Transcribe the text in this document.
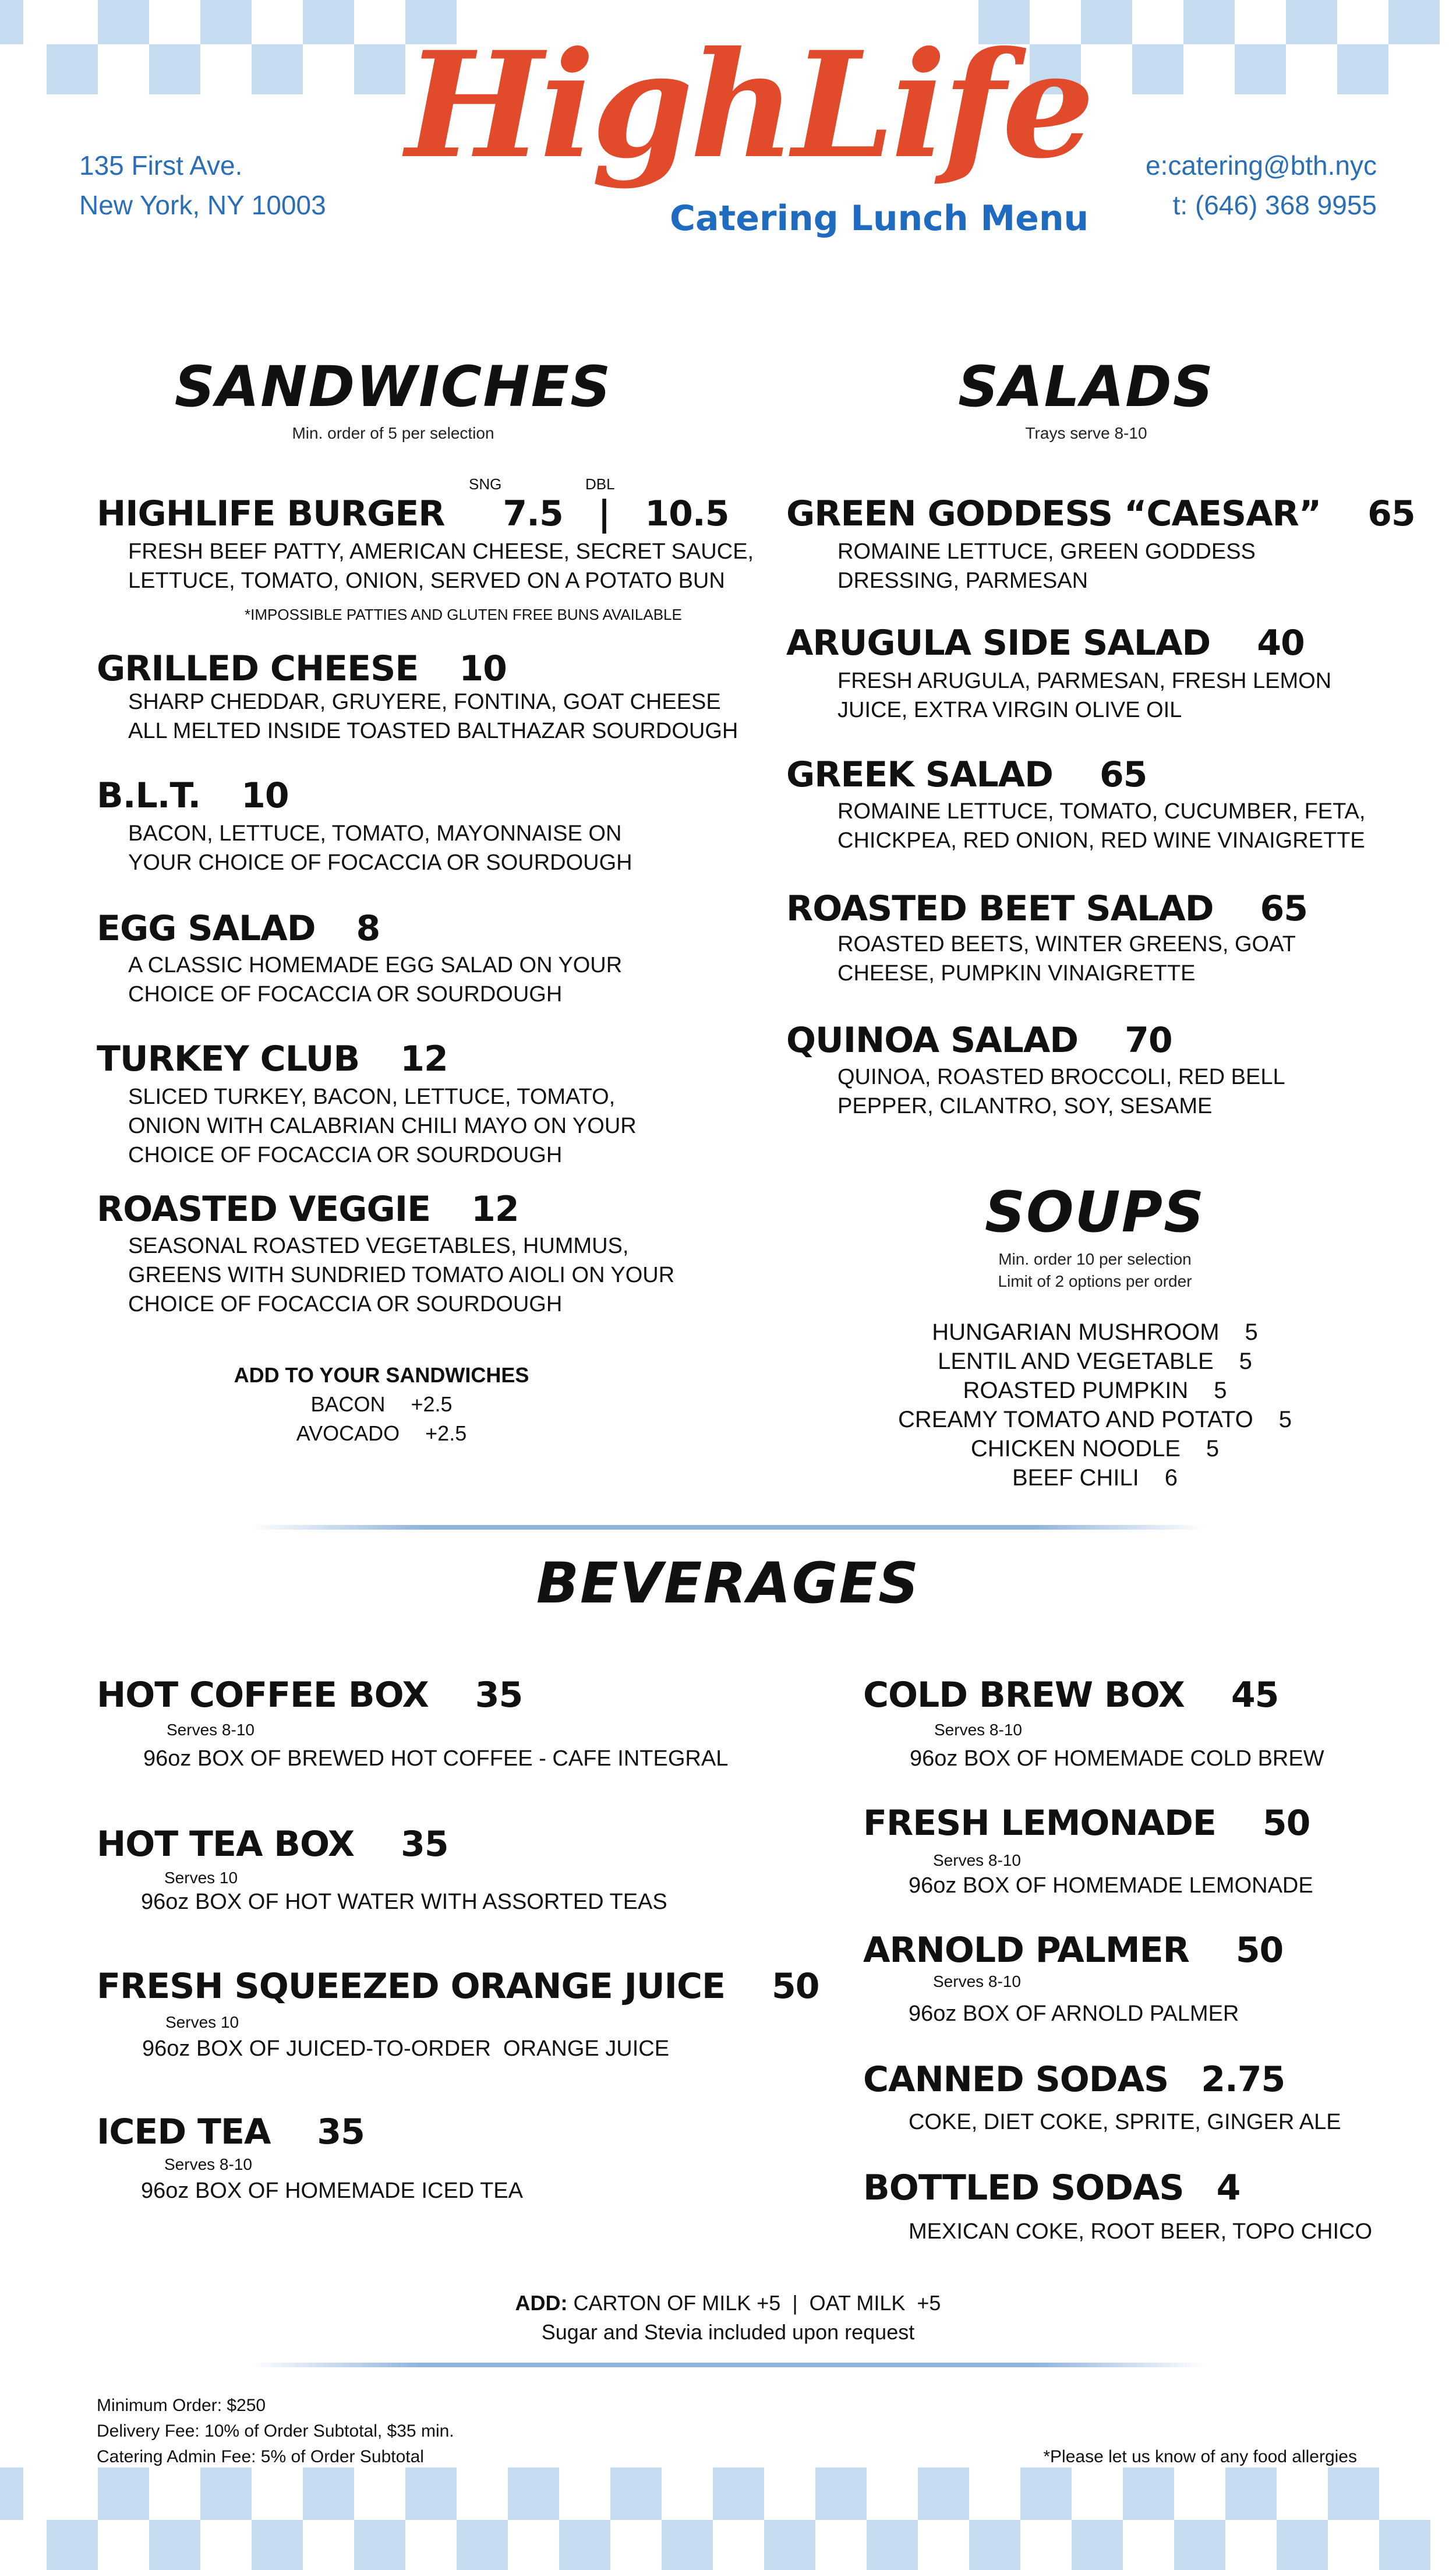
135 First Ave.
New York, NY 10003
HighLife
Catering Lunch Menu
e:catering@bth.nyc
t: (646) 368 9955
SANDWICHES
Min. order of 5 per selection
SNG	DBL
HIGHLIFE BURGER 7.5 | 10.5
FRESH BEEF PATTY, AMERICAN CHEESE, SECRET SAUCE, LETTUCE, TOMATO, ONION, SERVED ON A POTATO BUN
*IMPOSSIBLE PATTIES AND GLUTEN FREE BUNS AVAILABLE
GRILLED CHEESE 10
SHARP CHEDDAR, GRUYERE, FONTINA, GOAT CHEESE ALL MELTED INSIDE TOASTED BALTHAZAR SOURDOUGH
B.L.T. 10
BACON, LETTUCE, TOMATO, MAYONNAISE ON YOUR CHOICE OF FOCACCIA OR SOURDOUGH
EGG SALAD 8
A CLASSIC HOMEMADE EGG SALAD ON YOUR CHOICE OF FOCACCIA OR SOURDOUGH
TURKEY CLUB 12
SLICED TURKEY, BACON, LETTUCE, TOMATO, ONION WITH CALABRIAN CHILI MAYO ON YOUR CHOICE OF FOCACCIA OR SOURDOUGH
ROASTED VEGGIE 12
SEASONAL ROASTED VEGETABLES, HUMMUS, GREENS WITH SUNDRIED TOMATO AIOLI ON YOUR CHOICE OF FOCACCIA OR SOURDOUGH
ADD TO YOUR SANDWICHES
BACON +2.5
AVOCADO +2.5
SALADS
Trays serve 8-10
GREEN GODDESS “CAESAR” 65
ROMAINE LETTUCE, GREEN GODDESS DRESSING, PARMESAN
ARUGULA SIDE SALAD 40
FRESH ARUGULA, PARMESAN, FRESH LEMON JUICE, EXTRA VIRGIN OLIVE OIL
GREEK SALAD 65
ROMAINE LETTUCE, TOMATO, CUCUMBER, FETA, CHICKPEA, RED ONION, RED WINE VINAIGRETTE
ROASTED BEET SALAD 65
ROASTED BEETS, WINTER GREENS, GOAT CHEESE, PUMPKIN VINAIGRETTE
QUINOA SALAD 70
QUINOA, ROASTED BROCCOLI, RED BELL PEPPER, CILANTRO, SOY, SESAME
SOUPS
Min. order 10 per selection
Limit of 2 options per order
HUNGARIAN MUSHROOM 5
LENTIL AND VEGETABLE 5
ROASTED PUMPKIN 5
CREAMY TOMATO AND POTATO 5
CHICKEN NOODLE 5
BEEF CHILI 6
BEVERAGES
HOT COFFEE BOX 35
Serves 8-10
96oz BOX OF BREWED HOT COFFEE - CAFE INTEGRAL
HOT TEA BOX 35
Serves 10
96oz BOX OF HOT WATER WITH ASSORTED TEAS
FRESH SQUEEZED ORANGE JUICE 50
Serves 10
96oz BOX OF JUICED-TO-ORDER  ORANGE JUICE
ICED TEA 35
Serves 8-10
96oz BOX OF HOMEMADE ICED TEA
COLD BREW BOX 45
Serves 8-10
96oz BOX OF HOMEMADE COLD BREW
FRESH LEMONADE 50
Serves 8-10
96oz BOX OF HOMEMADE LEMONADE
ARNOLD PALMER 50
Serves 8-10
96oz BOX OF ARNOLD PALMER
CANNED SODAS 2.75
COKE, DIET COKE, SPRITE, GINGER ALE
BOTTLED SODAS 4
MEXICAN COKE, ROOT BEER, TOPO CHICO
ADD: CARTON OF MILK +5  |  OAT MILK  +5
Sugar and Stevia included upon request
Minimum Order: $250
Delivery Fee: 10% of Order Subtotal, $35 min.
Catering Admin Fee: 5% of Order Subtotal	*Please let us know of any food allergies
